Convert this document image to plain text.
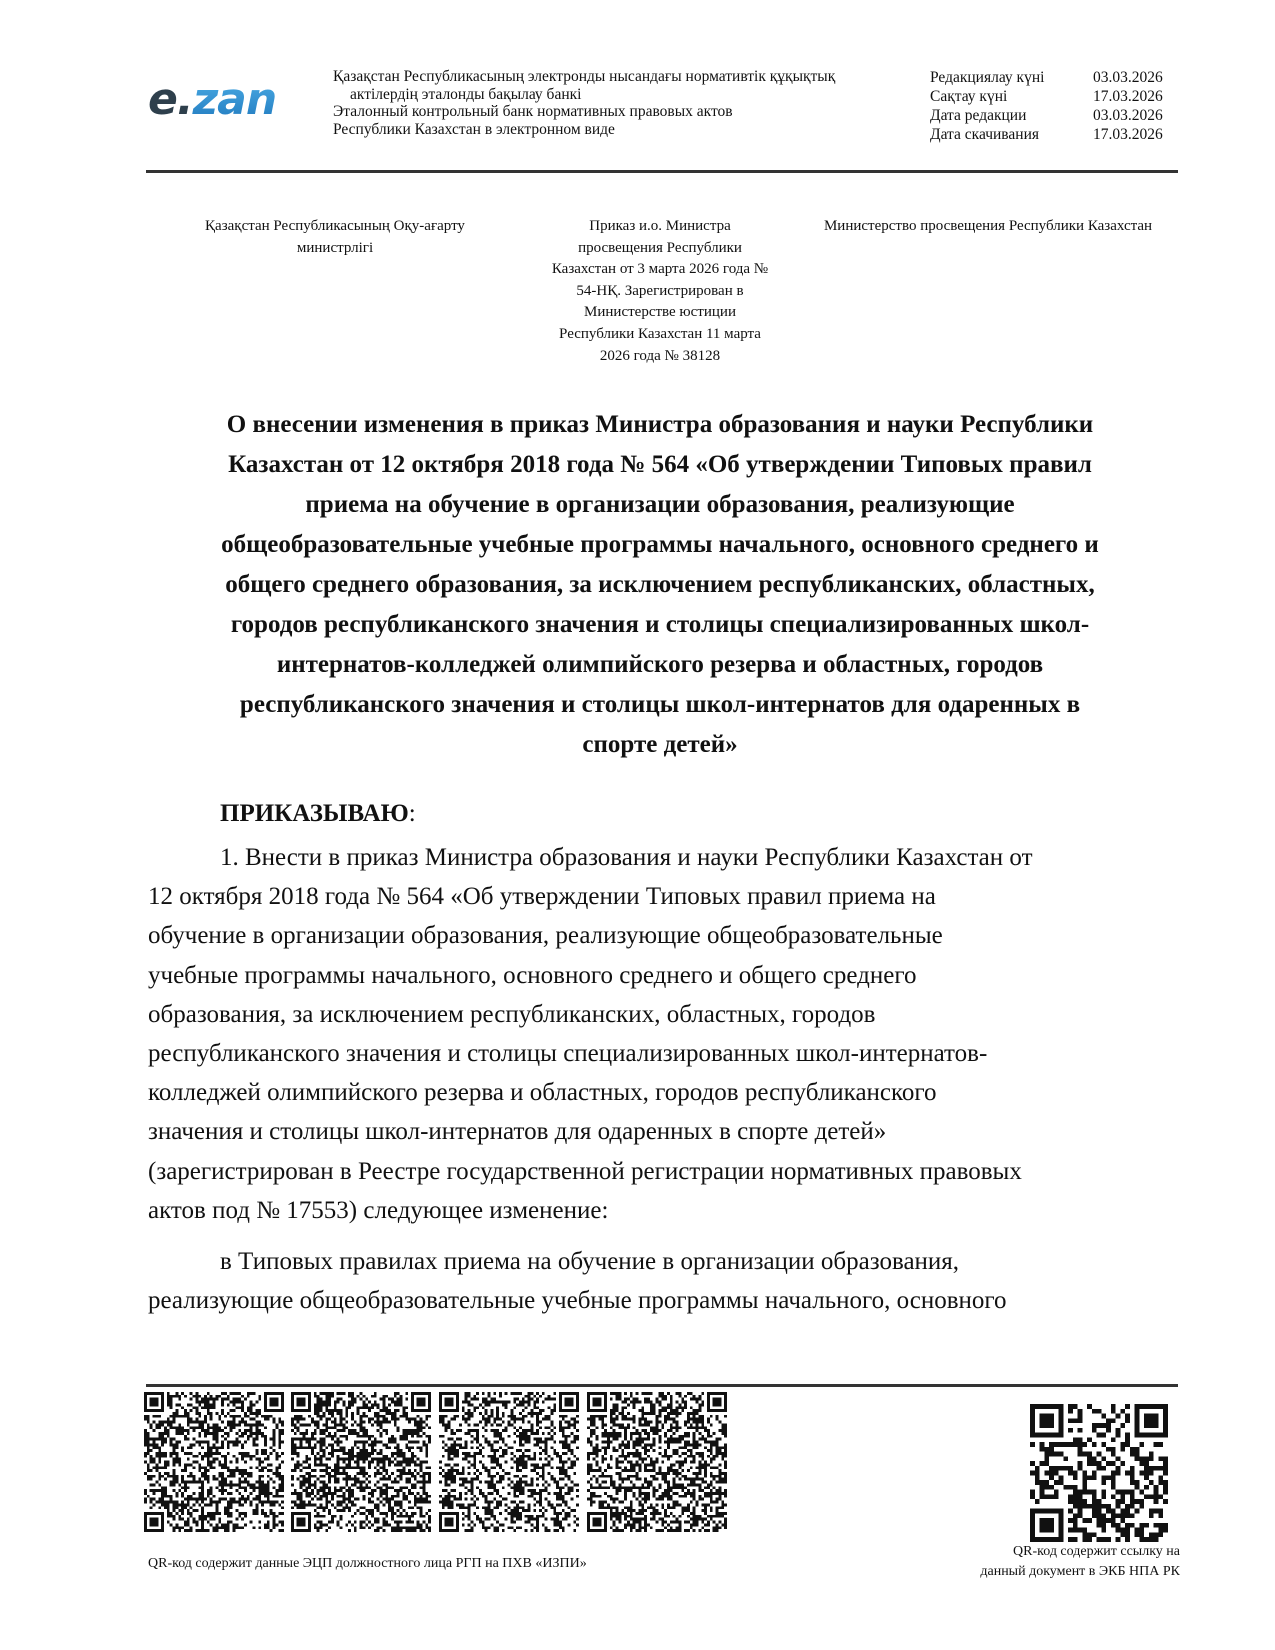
e.zan	Қазақстан Республикасының электронды нысандағы нормативтік құқықтық
актілердің эталонды бақылау банкі
Эталонный контрольный банк нормативных правовых актов
Республики Казахстан в электронном виде
Редакциялау күні	03.03.2026
Сақтау күні	17.03.2026
Дата редакции	03.03.2026
Дата скачивания	17.03.2026
Қазақстан Республикасының Оқу-ағарту
министрлігі
Приказ и.о. Министра
просвещения Республики
Казахстан от 3 марта 2026 года №
54-НҚ. Зарегистрирован в
Министерстве юстиции
Республики Казахстан 11 марта
2026 года № 38128
Министерство просвещения Республики Казахстан
О внесении изменения в приказ Министра образования и науки Республики
Казахстан от 12 октября 2018 года № 564 «Об утверждении Типовых правил
приема на обучение в организации образования, реализующие
общеобразовательные учебные программы начального, основного среднего и
общего среднего образования, за исключением республиканских, областных,
городов республиканского значения и столицы специализированных школ-
интернатов-колледжей олимпийского резерва и областных, городов
республиканского значения и столицы школ-интернатов для одаренных в
спорте детей»
ПРИКАЗЫВАЮ:
1. Внести в приказ Министра образования и науки Республики Казахстан от
12 октября 2018 года № 564 «Об утверждении Типовых правил приема на
обучение в организации образования, реализующие общеобразовательные
учебные программы начального, основного среднего и общего среднего
образования, за исключением республиканских, областных, городов
республиканского значения и столицы специализированных школ-интернатов-
колледжей олимпийского резерва и областных, городов республиканского
значения и столицы школ-интернатов для одаренных в спорте детей»
(зарегистрирован в Реестре государственной регистрации нормативных правовых
актов под № 17553) следующее изменение:
в Типовых правилах приема на обучение в организации образования,
реализующие общеобразовательные учебные программы начального, основного
QR-код содержит данные ЭЦП должностного лица РГП на ПХВ «ИЗПИ»
QR-код содержит ссылку на
данный документ в ЭКБ НПА РК
